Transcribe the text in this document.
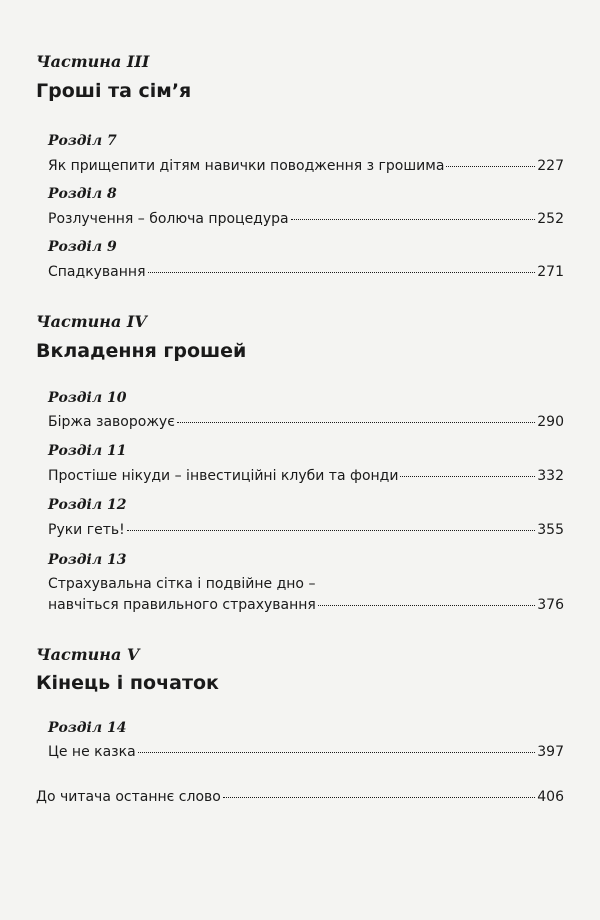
Частина III
Гроші та сім’я
Розділ 7
Як прищепити дітям навички поводження з грошима	227
Розділ 8
Розлучення – болюча процедура	252
Розділ 9
Спадкування	271
Частина IV
Вкладення грошей
Розділ 10
Біржа заворожує	290
Розділ 11
Простіше нікуди – інвестиційні клуби та фонди	332
Розділ 12
Руки геть!	355
Розділ 13
Страхувальна сітка і подвійне дно –
навчіться правильного страхування	376
Частина V
Кінець і початок
Розділ 14
Це не казка	397
До читача останнє слово	406
